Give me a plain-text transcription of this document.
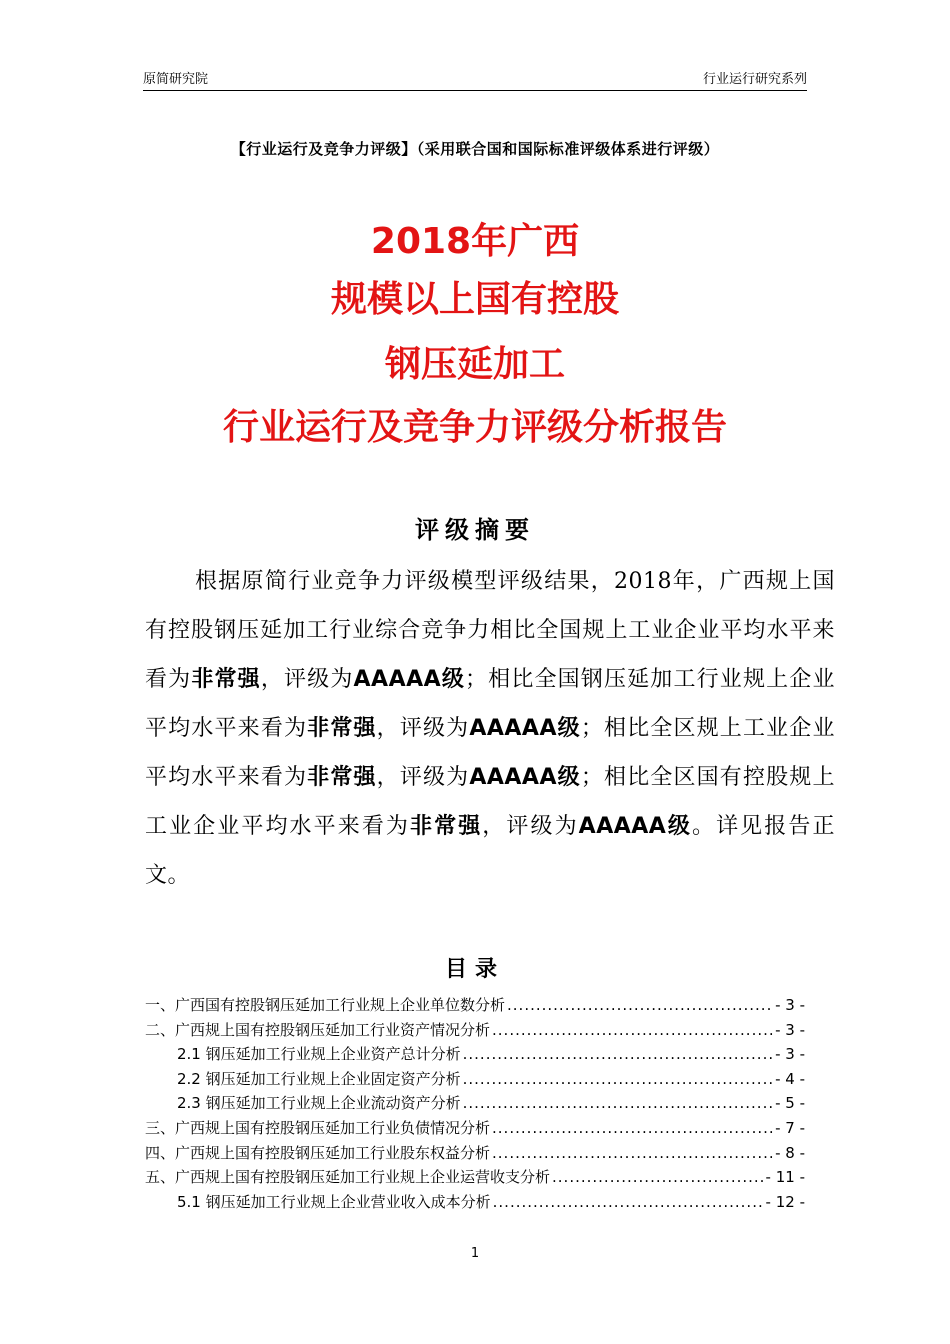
原简研究院	行业运行研究系列
【行业运行及竞争力评级】（采用联合国和国际标准评级体系进行评级）
2018年广西
规模以上国有控股
钢压延加工
行业运行及竞争力评级分析报告
评级摘要

根据原简行业竞争力评级模型评级结果，2018年，广西规上国有控股钢压延加工行业综合竞争力相比全国规上工业企业平均水平来看为非常强，评级为AAAAA级；相比全国钢压延加工行业规上企业平均水平来看为非常强，评级为AAAAA级；相比全区规上工业企业平均水平来看为非常强，评级为AAAAA级；相比全区国有控股规上工业企业平均水平来看为非常强，评级为AAAAA级。详见报告正文。

目录
一、广西国有控股钢压延加工行业规上企业单位数分析 .....	- 3 -
二、广西规上国有控股钢压延加工行业资产情况分析 .....	- 3 -
2.1 钢压延加工行业规上企业资产总计分析 .....	- 3 -
2.2 钢压延加工行业规上企业固定资产分析 .....	- 4 -
2.3 钢压延加工行业规上企业流动资产分析 .....	- 5 -
三、广西规上国有控股钢压延加工行业负债情况分析 .....	- 7 -
四、广西规上国有控股钢压延加工行业股东权益分析 .....	- 8 -
五、广西规上国有控股钢压延加工行业规上企业运营收支分析 .....	- 11 -
5.1 钢压延加工行业规上企业营业收入成本分析 .....	- 12 -
1
